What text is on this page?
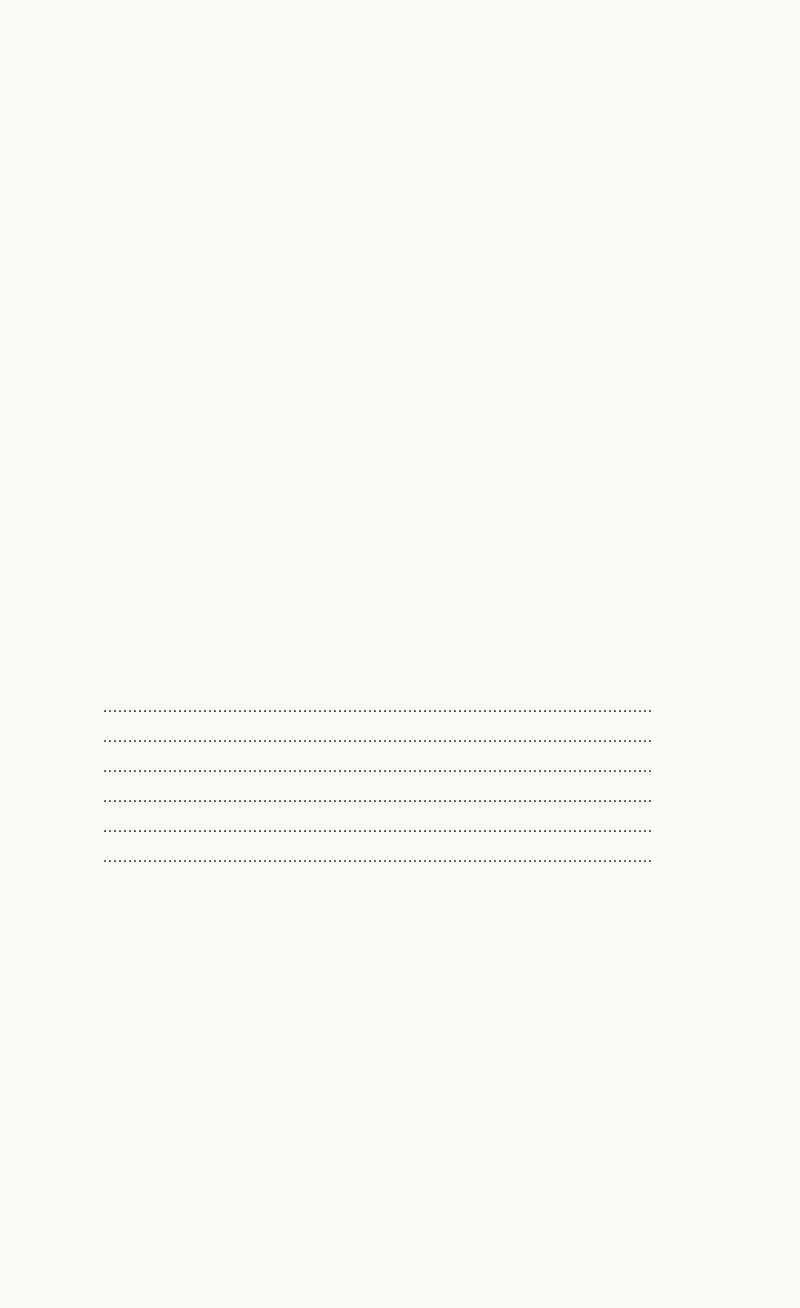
..............................................................................................................
..............................................................................................................
..............................................................................................................
..............................................................................................................
..............................................................................................................
..............................................................................................................
